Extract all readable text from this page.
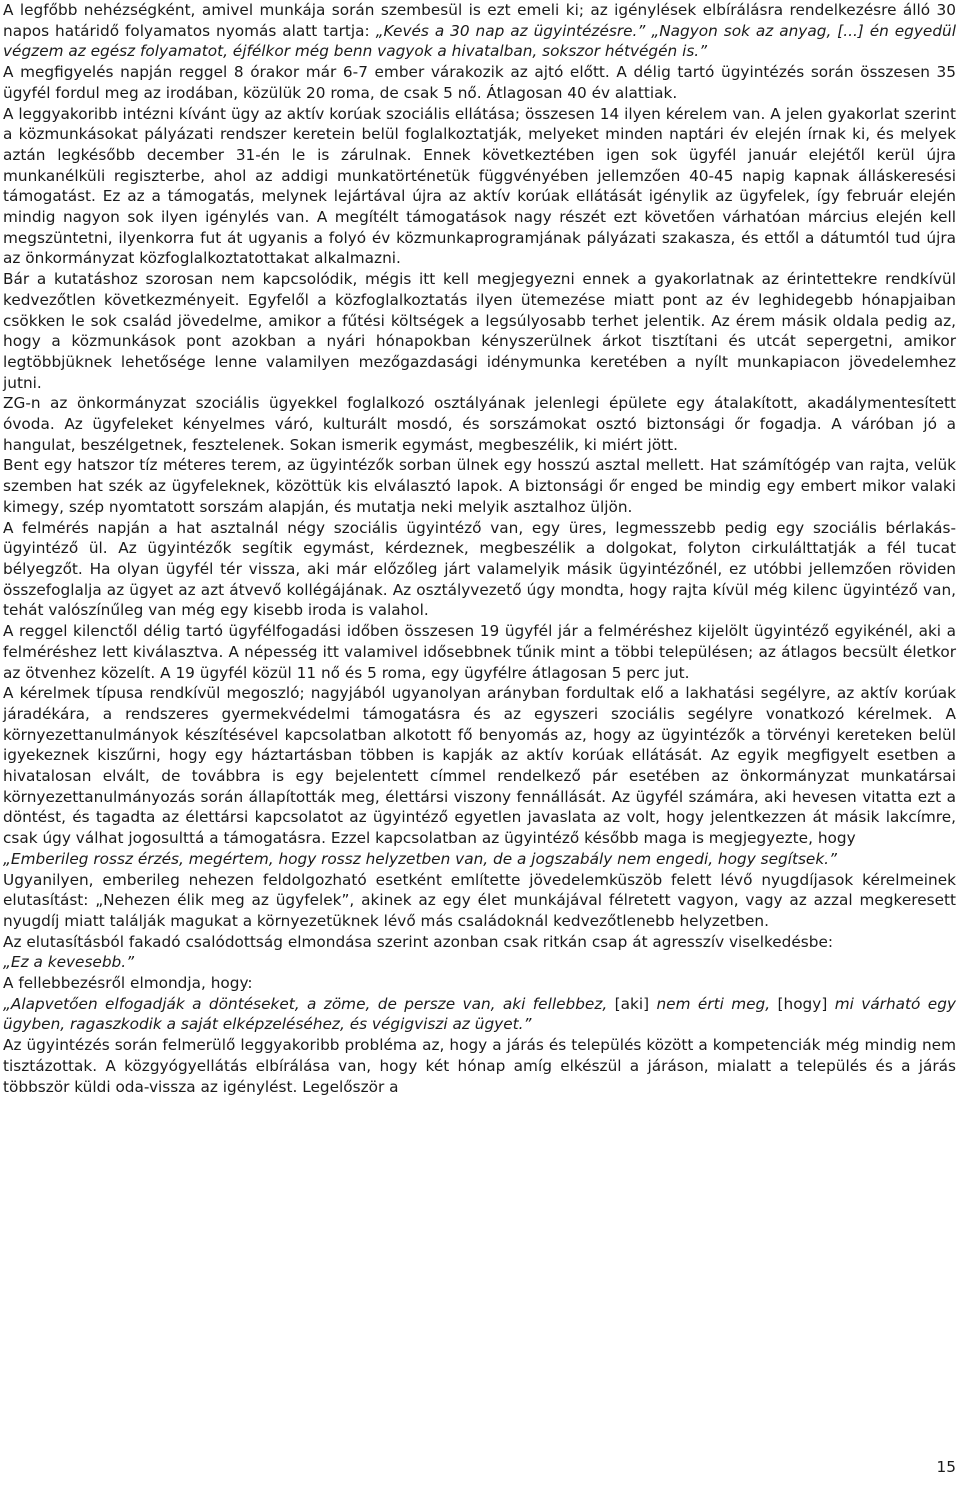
A legfőbb nehézségként, amivel munkája során szembesül is ezt emeli ki; az igénylések elbírálásra rendelkezésre álló 30 napos határidő folyamatos nyomás alatt tartja: „Kevés a 30 nap az ügyintézésre.” „Nagyon sok az anyag, [...] én egyedül végzem az egész folyamatot, éjfélkor még benn vagyok a hivatalban, sokszor hétvégén is.”

A megfigyelés napján reggel 8 órakor már 6-7 ember várakozik az ajtó előtt. A délig tartó ügyintézés során összesen 35 ügyfél fordul meg az irodában, közülük 20 roma, de csak 5 nő. Átlagosan 40 év alattiak.

A leggyakoribb intézni kívánt ügy az aktív korúak szociális ellátása; összesen 14 ilyen kérelem van. A jelen gyakorlat szerint a közmunkásokat pályázati rendszer keretein belül foglalkoztatják, melyeket minden naptári év elején írnak ki, és melyek aztán legkésőbb december 31-én le is zárulnak. Ennek következtében igen sok ügyfél január elejétől kerül újra munkanélküli regiszterbe, ahol az addigi munkatörténetük függvényében jellemzően 40-45 napig kapnak álláskeresési támogatást. Ez az a támogatás, melynek lejártával újra az aktív korúak ellátását igénylik az ügyfelek, így február elején mindig nagyon sok ilyen igénylés van. A megítélt támogatások nagy részét ezt követően várhatóan március elején kell megszüntetni, ilyenkorra fut át ugyanis a folyó év közmunkaprogramjának pályázati szakasza, és ettől a dátumtól tud újra az önkormányzat közfoglalkoztatottakat alkalmazni.

Bár a kutatáshoz szorosan nem kapcsolódik, mégis itt kell megjegyezni ennek a gyakorlatnak az érintettekre rendkívül kedvezőtlen következményeit. Egyfelől a közfoglalkoztatás ilyen ütemezése miatt pont az év leghidegebb hónapjaiban csökken le sok család jövedelme, amikor a fűtési költségek a legsúlyosabb terhet jelentik. Az érem másik oldala pedig az, hogy a közmunkások pont azokban a nyári hónapokban kényszerülnek árkot tisztítani és utcát sepergetni, amikor legtöbbjüknek lehetősége lenne valamilyen mezőgazdasági idénymunka keretében a nyílt munkapiacon jövedelemhez jutni.

ZG-n az önkormányzat szociális ügyekkel foglalkozó osztályának jelenlegi épülete egy átalakított, akadálymentesített óvoda. Az ügyfeleket kényelmes váró, kulturált mosdó, és sorszámokat osztó biztonsági őr fogadja. A váróban jó a hangulat, beszélgetnek, fesztelenek. Sokan ismerik egymást, megbeszélik, ki miért jött.

Bent egy hatszor tíz méteres terem, az ügyintézők sorban ülnek egy hosszú asztal mellett. Hat számítógép van rajta, velük szemben hat szék az ügyfeleknek, közöttük kis elválasztó lapok. A biztonsági őr enged be mindig egy embert mikor valaki kimegy, szép nyomtatott sorszám alapján, és mutatja neki melyik asztalhoz üljön.

A felmérés napján a hat asztalnál négy szociális ügyintéző van, egy üres, legmesszebb pedig egy szociális bérlakás-ügyintéző ül. Az ügyintézők segítik egymást, kérdeznek, megbeszélik a dolgokat, folyton cirkulálttatják a fél tucat bélyegzőt. Ha olyan ügyfél tér vissza, aki már előzőleg járt valamelyik másik ügyintézőnél, ez utóbbi jellemzően röviden összefoglalja az ügyet az azt átvevő kollégájának. Az osztályvezető úgy mondta, hogy rajta kívül még kilenc ügyintéző van, tehát valószínűleg van még egy kisebb iroda is valahol.

A reggel kilenctől délig tartó ügyfélfogadási időben összesen 19 ügyfél jár a felméréshez kijelölt ügyintéző egyikénél, aki a felméréshez lett kiválasztva. A népesség itt valamivel idősebbnek tűnik mint a többi településen; az átlagos becsült életkor az ötvenhez közelít. A 19 ügyfél közül 11 nő és 5 roma, egy ügyfélre átlagosan 5 perc jut.

A kérelmek típusa rendkívül megoszló; nagyjából ugyanolyan arányban fordultak elő a lakhatási segélyre, az aktív korúak járadékára, a rendszeres gyermekvédelmi támogatásra és az egyszeri szociális segélyre vonatkozó kérelmek. A környezettanulmányok készítésével kapcsolatban alkotott fő benyomás az, hogy az ügyintézők a törvényi kereteken belül igyekeznek kiszűrni, hogy egy háztartásban többen is kapják az aktív korúak ellátását. Az egyik megfigyelt esetben a hivatalosan elvált, de továbbra is egy bejelentett címmel rendelkező pár esetében az önkormányzat munkatársai környezettanulmányozás során állapították meg, élettársi viszony fennállását. Az ügyfél számára, aki hevesen vitatta ezt a döntést, és tagadta az élettársi kapcsolatot az ügyintéző egyetlen javaslata az volt, hogy jelentkezzen át másik lakcímre, csak úgy válhat jogosulttá a támogatásra. Ezzel kapcsolatban az ügyintéző később maga is megjegyezte, hogy

„Emberileg rossz érzés, megértem, hogy rossz helyzetben van, de a jogszabály nem engedi, hogy segítsek.”

Ugyanilyen, emberileg nehezen feldolgozható esetként említette jövedelemküszöb felett lévő nyugdíjasok kérelmeinek elutasítást: „Nehezen élik meg az ügyfelek”, akinek az egy élet munkájával félretett vagyon, vagy az azzal megkeresett nyugdíj miatt találják magukat a környezetüknek lévő más családoknál kedvezőtlenebb helyzetben.

Az elutasításból fakadó csalódottság elmondása szerint azonban csak ritkán csap át agresszív viselkedésbe:

„Ez a kevesebb.”

A fellebbezésről elmondja, hogy:

„Alapvetően elfogadják a döntéseket, a zöme, de persze van, aki fellebbez, [aki] nem érti meg, [hogy] mi várható egy ügyben, ragaszkodik a saját elképzeléséhez, és végigviszi az ügyet.”

Az ügyintézés során felmerülő leggyakoribb probléma az, hogy a járás és település között a kompetenciák még mindig nem tisztázottak. A közgyógyellátás elbírálása van, hogy két hónap amíg elkészül a járáson, mialatt a település és a járás többször küldi oda-vissza az igénylést. Legelőször a

15
